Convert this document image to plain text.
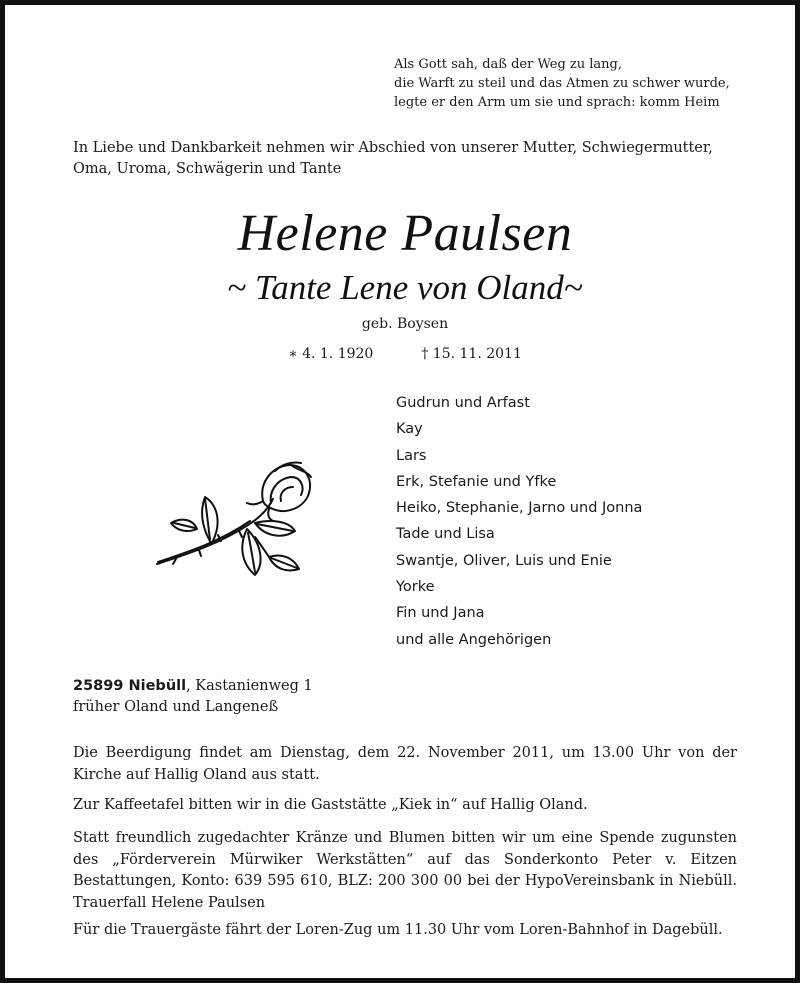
Als Gott sah, daß der Weg zu lang,
die Warft zu steil und das Atmen zu schwer wurde,
legte er den Arm um sie und sprach: komm Heim
In Liebe und Dankbarkeit nehmen wir Abschied von unserer Mutter, Schwiegermutter, Oma, Uroma, Schwägerin und Tante
Helene Paulsen
~ Tante Lene von Oland~
geb. Boysen
∗ 4. 1. 1920	† 15. 11. 2011
Gudrun und Arfast
Kay
Lars
Erk, Stefanie und Yfke
Heiko, Stephanie, Jarno und Jonna
Tade und Lisa
Swantje, Oliver, Luis und Enie
Yorke
Fin und Jana
und alle Angehörigen
25899 Niebüll, Kastanienweg 1
früher Oland und Langeneß
Die Beerdigung findet am Dienstag, dem 22. November 2011, um 13.00 Uhr von der Kirche auf Hallig Oland aus statt.
Zur Kaffeetafel bitten wir in die Gaststätte „Kiek in“ auf Hallig Oland.
Statt freundlich zugedachter Kränze und Blumen bitten wir um eine Spende zugunsten des „Förderverein Mürwiker Werkstätten“ auf das Sonderkonto Peter v. Eitzen Bestattungen, Konto: 639 595 610, BLZ: 200 300 00 bei der HypoVereinsbank in Niebüll. Trauerfall Helene Paulsen
Für die Trauergäste fährt der Loren-Zug um 11.30 Uhr vom Loren-Bahnhof in Dagebüll.
